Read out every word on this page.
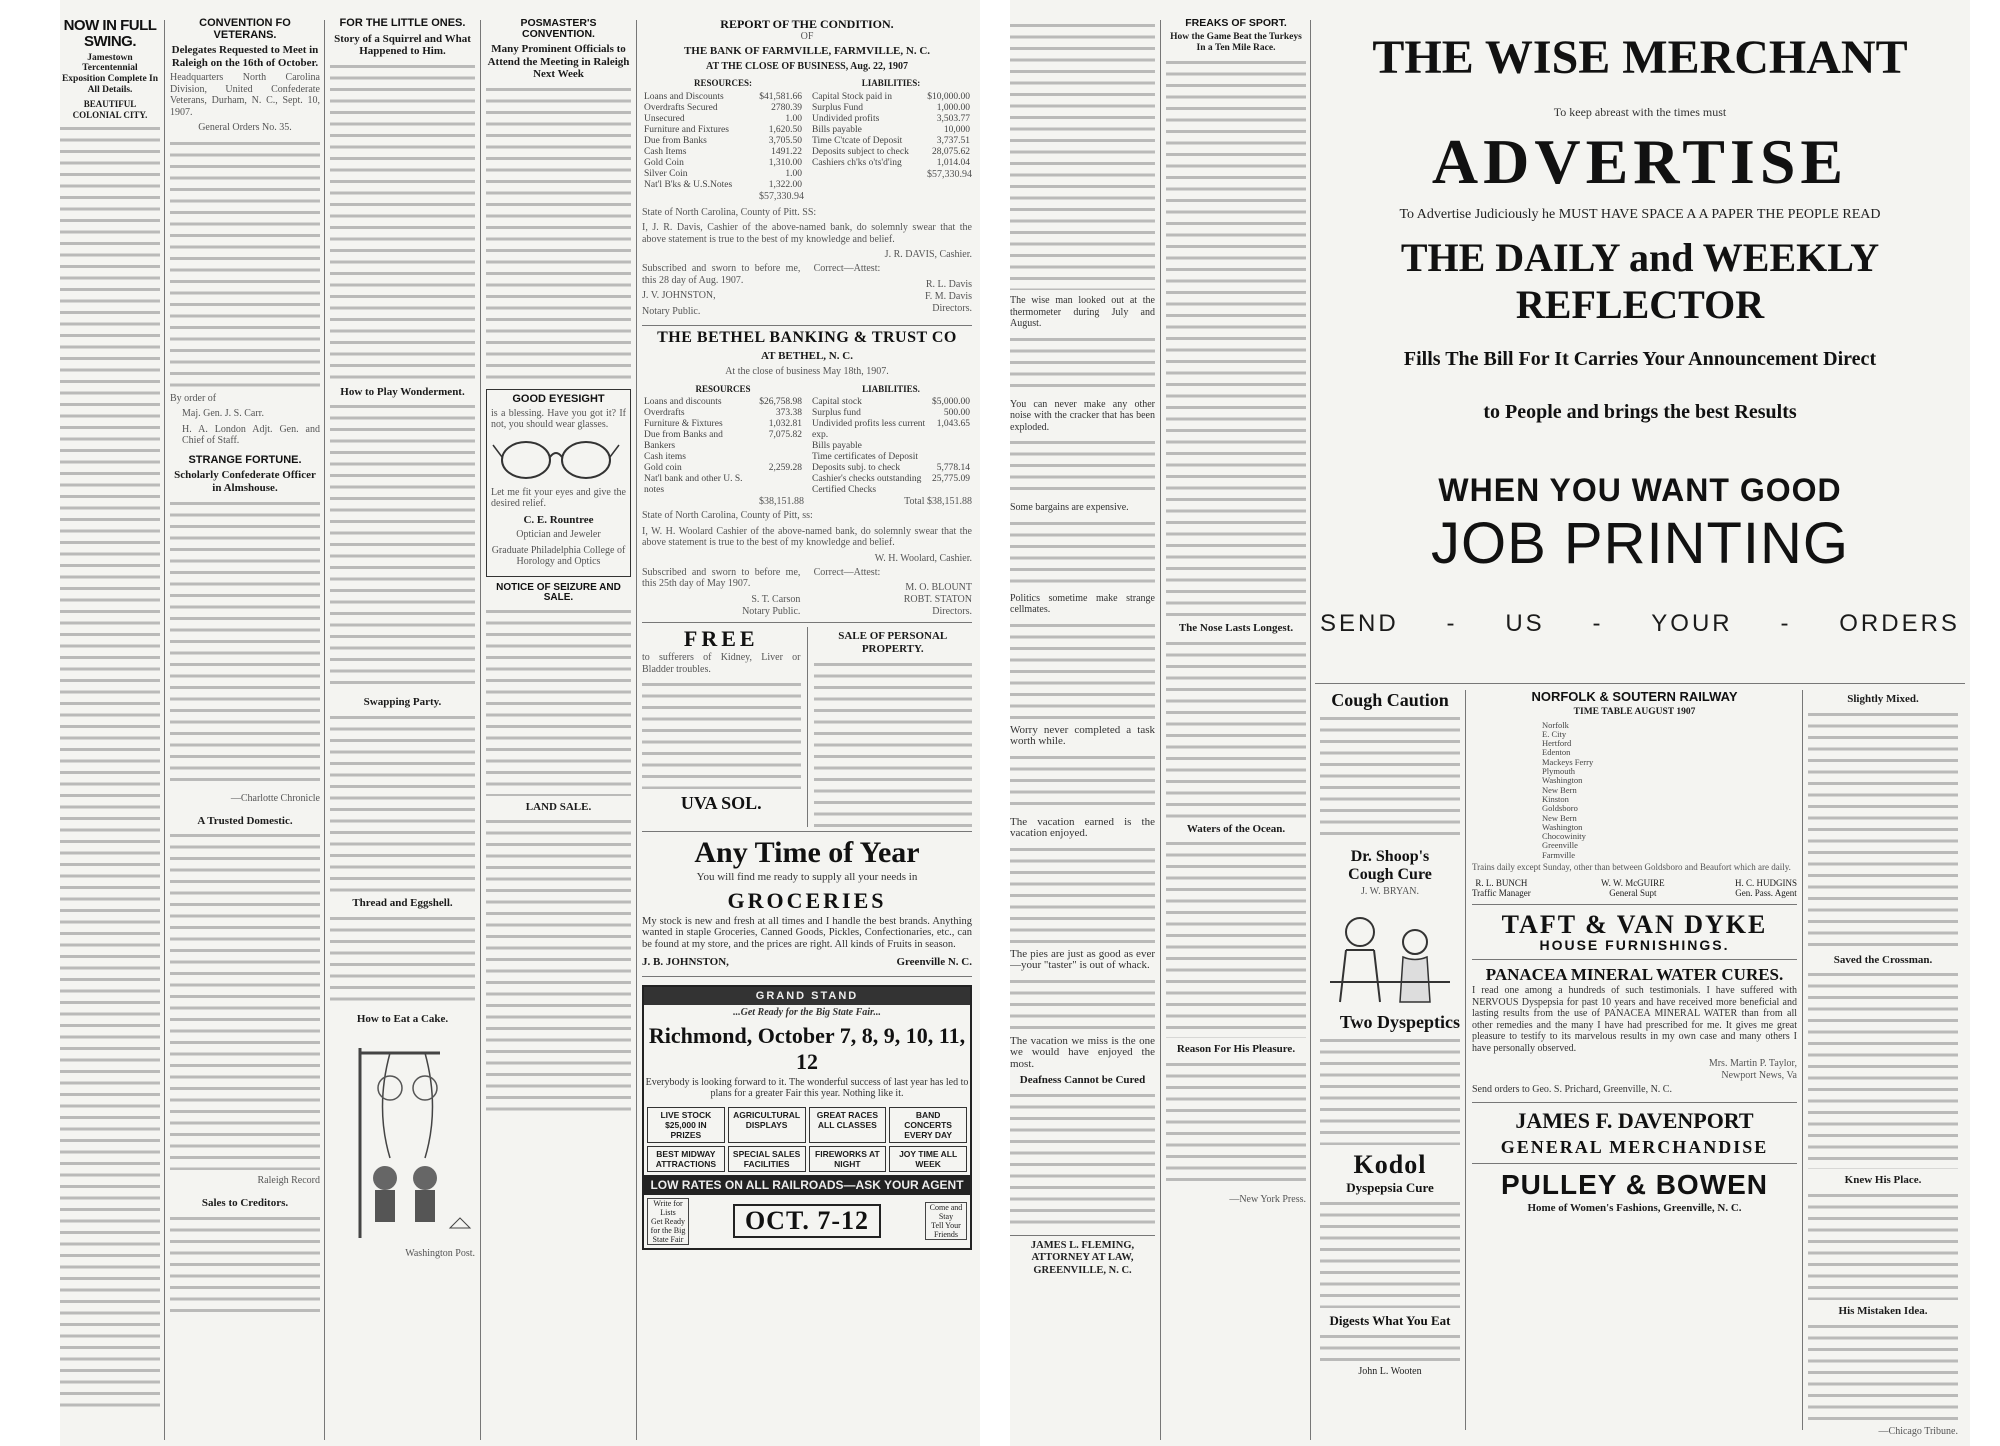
NOW IN FULL SWING.
Jamestown Tercentennial Exposition Complete In All Details.
BEAUTIFUL COLONIAL CITY.
CONVENTION FO VETERANS.
Delegates Requested to Meet in Raleigh on the 16th of October.
Headquarters North Carolina Division, United Confederate Veterans, Durham, N. C., Sept. 10, 1907.
General Orders No. 35.
By order of
Maj. Gen. J. S. Carr.
H. A. London Adjt. Gen. and Chief of Staff.
STRANGE FORTUNE.
Scholarly Confederate Officer in Almshouse.
—Charlotte Chronicle
A Trusted Domestic.
Raleigh Record
Sales to Creditors.
FOR THE LITTLE ONES.
Story of a Squirrel and What Happened to Him.
How to Play Wonderment.
Swapping Party.
Thread and Eggshell.
How to Eat a Cake.
Washington Post.
POSMASTER'S CONVENTION.
Many Prominent Officials to Attend the Meeting in Raleigh Next Week
GOOD EYESIGHT
is a blessing. Have you got it? If not, you should wear glasses.
Let me fit your eyes and give the desired relief.
C. E. Rountree
Optician and Jeweler
Graduate Philadelphia College of Horology and Optics
NOTICE OF SEIZURE AND SALE.
LAND SALE.
REPORT OF THE CONDITION.
OF
THE BANK OF FARMVILLE, FARMVILLE, N. C.
AT THE CLOSE OF BUSINESS, Aug. 22, 1907
RESOURCES:
Loans and Discounts	$41,581.66
Overdrafts Secured	2780.39
Unsecured	1.00
Furniture and Fixtures	1,620.50
Due from Banks	3,705.50
Cash Items	1491.22
Gold Coin	1,310.00
Silver Coin	1.00
Nat'l B'ks & U.S.Notes	1,322.00
$57,330.94
LIABILITIES:
Capital Stock paid in	$10,000.00
Surplus Fund	1,000.00
Undivided profits	3,503.77
Bills payable	10,000
Time C'tcate of Deposit	3,737.51
Deposits subject to check	28,075.62
Cashiers ch'ks o'ts'd'ing	1,014.04
$57,330.94
State of North Carolina, County of Pitt. SS:
I, J. R. Davis, Cashier of the above-named bank, do solemnly swear that the above statement is true to the best of my knowledge and belief.
J. R. DAVIS, Cashier.
Subscribed and sworn to before me, this 28 day of Aug. 1907.
J. V. JOHNSTON,
Notary Public.
Correct—Attest:
R. L. Davis
F. M. Davis
Directors.
THE BETHEL BANKING & TRUST CO
AT BETHEL, N. C.
At the close of business May 18th, 1907.
RESOURCES
Loans and discounts	$26,758.98
Overdrafts	373.38
Furniture & Fixtures	1,032.81
Due from Banks and Bankers	7,075.82
Cash items	
Gold coin	2,259.28
Nat'l bank and other U. S. notes	
$38,151.88
LIABILITIES.
Capital stock	$5,000.00
Surplus fund	500.00
Undivided profits less current exp.	1,043.65
Bills payable	
Time certificates of Deposit	
Deposits subj. to check	5,778.14
Cashier's checks outstanding	25,775.09
Certified Checks	
Total $38,151.88
State of North Carolina, County of Pitt, ss:
I, W. H. Woolard Cashier of the above-named bank, do solemnly swear that the above statement is true to the best of my knowledge and belief.
W. H. Woolard, Cashier.
Subscribed and sworn to before me, this 25th day of May 1907.
S. T. Carson
Notary Public.
Correct—Attest:
M. O. BLOUNT
ROBT. STATON
Directors.
FREE
to sufferers of Kidney, Liver or Bladder troubles.
UVA SOL.
SALE OF PERSONAL PROPERTY.
Any Time of Year
You will find me ready to supply all your needs in
GROCERIES
My stock is new and fresh at all times and I handle the best brands. Anything wanted in staple Groceries, Canned Goods, Pickles, Confectionaries, etc., can be found at my store, and the prices are right. All kinds of Fruits in season.
J. B. JOHNSTON,	Greenville N. C.
GRAND STAND
...Get Ready for the Big State Fair...
Richmond, October 7, 8, 9, 10, 11, 12
Everybody is looking forward to it. The wonderful success of last year has led to plans for a greater Fair this year. Nothing like it.
LIVE STOCK $25,000 IN PRIZES
AGRICULTURAL DISPLAYS
GREAT RACES ALL CLASSES
BAND CONCERTS EVERY DAY
BEST MIDWAY ATTRACTIONS
SPECIAL SALES FACILITIES
FIREWORKS AT NIGHT
JOY TIME ALL WEEK
LOW RATES ON ALL RAILROADS—ASK YOUR AGENT
Write for Lists
Get Ready for the Big State Fair
OCT. 7-12	Come and Stay
Tell Your Friends
The wise man looked out at the thermometer during July and August.
You can never make any other noise with the cracker that has been exploded.
Some bargains are expensive.
Politics sometime make strange cellmates.
Worry never completed a task worth while.
The vacation earned is the vacation enjoyed.
The pies are just as good as ever—your "taster" is out of whack.
The vacation we miss is the one we would have enjoyed the most.
Deafness Cannot be Cured
JAMES L. FLEMING,
ATTORNEY AT LAW,
GREENVILLE, N. C.
FREAKS OF SPORT.
How the Game Beat the Turkeys In a Ten Mile Race.
The Nose Lasts Longest.
Waters of the Ocean.
Reason For His Pleasure.
—New York Press.
THE WISE MERCHANT
To keep abreast with the times must
ADVERTISE
To Advertise Judiciously he MUST HAVE SPACE A A PAPER THE PEOPLE READ
THE DAILY and WEEKLY REFLECTOR
Fills The Bill For It Carries Your Announcement Direct
to People and brings the best Results
WHEN YOU WANT GOOD
JOB PRINTING
SEND - US - YOUR - ORDERS
Cough Caution
Dr. Shoop's
Cough Cure
J. W. BRYAN.
Two Dyspeptics
Kodol
Dyspepsia Cure
Digests What You Eat
John L. Wooten
NORFOLK & SOUTERN RAILWAY
TIME TABLE AUGUST 1907
Norfolk
E. City
Hertford
Edenton
Mackeys Ferry
Plymouth
Washington
New Bern
Kinston
Goldsboro
New Bern
Washington
Chocowinity
Greenville
Farmville
Trains daily except Sunday, other than between Goldsboro and Beaufort which are daily.
R. L. BUNCH
Traffic Manager
W. W. McGUIRE
General Supt
H. C. HUDGINS
Gen. Pass. Agent
TAFT & VAN DYKE
HOUSE FURNISHINGS.
PANACEA MINERAL WATER CURES.
I read one among a hundreds of such testimonials. I have suffered with NERVOUS Dyspepsia for past 10 years and have received more beneficial and lasting results from the use of PANACEA MINERAL WATER than from all other remedies and the many I have had prescribed for me. It gives me great pleasure to testify to its marvelous results in my own case and many others I have personally observed.
Mrs. Martin P. Taylor,
Newport News, Va
Send orders to Geo. S. Prichard, Greenville, N. C.
JAMES F. DAVENPORT
GENERAL MERCHANDISE
PULLEY & BOWEN
Home of Women's Fashions, Greenville, N. C.
Slightly Mixed.
Saved the Crossman.
Knew His Place.
His Mistaken Idea.
—Chicago Tribune.
